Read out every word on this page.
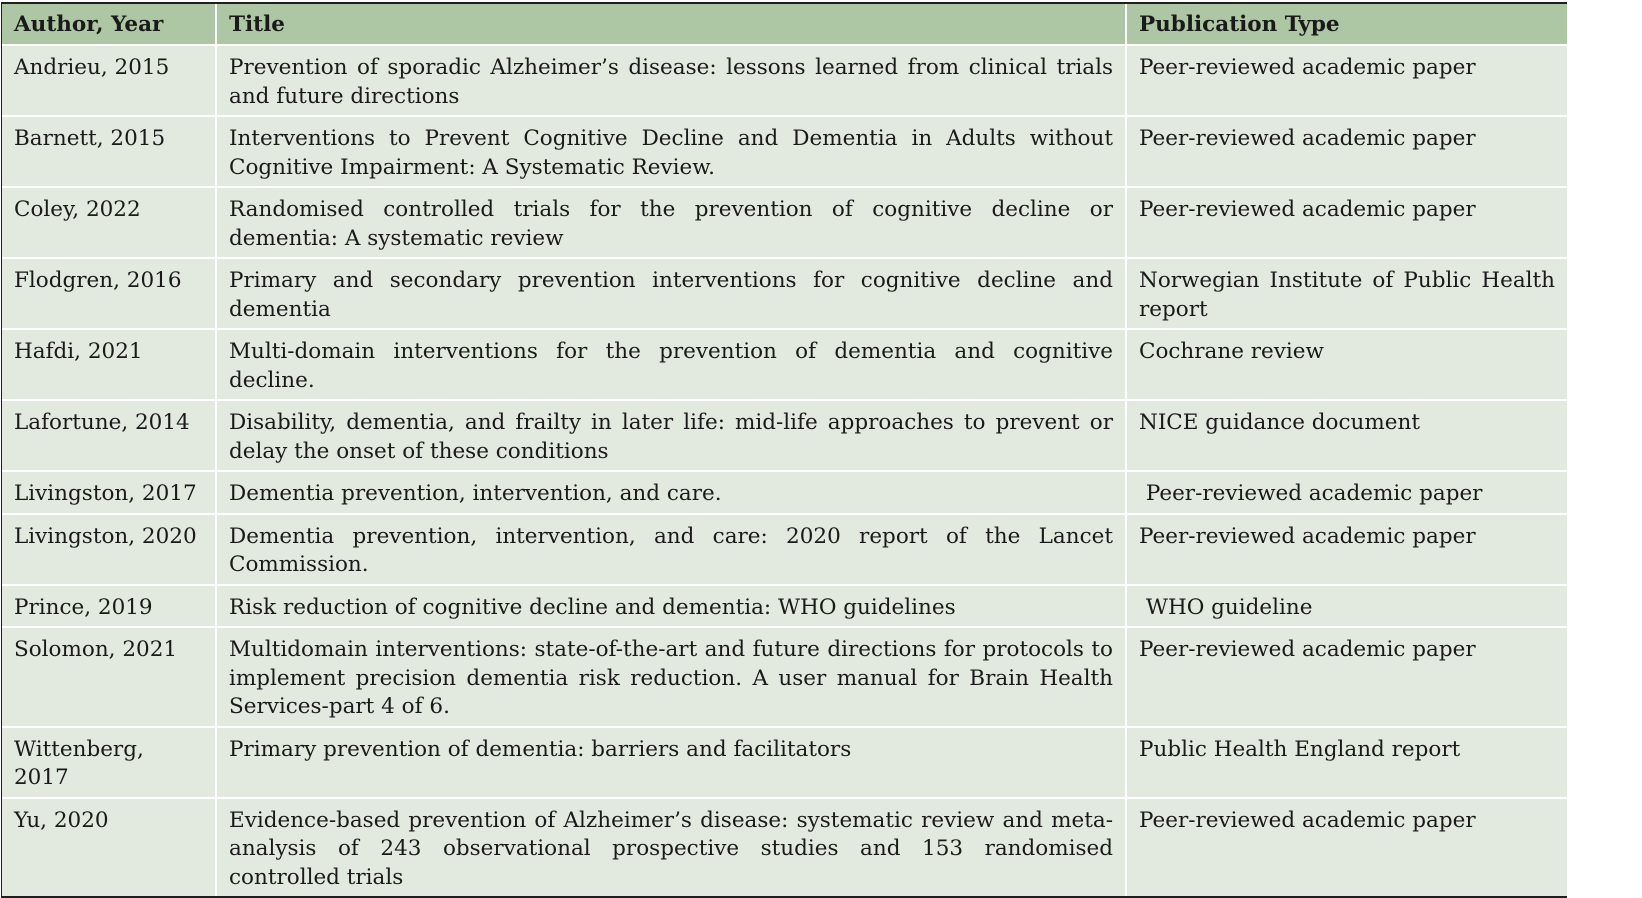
Author, Year	Title	Publication Type
Andrieu, 2015	Prevention of sporadic Alzheimer’s disease: lessons learned from clinical trials and future directions	Peer-reviewed academic paper
Barnett, 2015	Interventions to Prevent Cognitive Decline and Dementia in Adults without Cognitive Impairment: A Systematic Review.	Peer-reviewed academic paper
Coley, 2022	Randomised controlled trials for the prevention of cognitive decline or dementia: A systematic review	Peer-reviewed academic paper
Flodgren, 2016	Primary and secondary prevention interventions for cognitive decline and dementia	Norwegian Institute of Public Health report
Hafdi, 2021	Multi-domain interventions for the prevention of dementia and cognitive decline.	Cochrane review
Lafortune, 2014	Disability, dementia, and frailty in later life: mid-life approaches to prevent or delay the onset of these conditions	NICE guidance document
Livingston, 2017	Dementia prevention, intervention, and care.	Peer-reviewed academic paper
Livingston, 2020	Dementia prevention, intervention, and care: 2020 report of the Lancet Commission.	Peer-reviewed academic paper
Prince, 2019	Risk reduction of cognitive decline and dementia: WHO guidelines	WHO guideline
Solomon, 2021	Multidomain interventions: state-of-the-art and future directions for protocols to implement precision dementia risk reduction. A user manual for Brain Health Services-part 4 of 6.	Peer-reviewed academic paper
Wittenberg, 2017	Primary prevention of dementia: barriers and facilitators	Public Health England report
Yu, 2020	Evidence-based prevention of Alzheimer’s disease: systematic review and meta-analysis of 243 observational prospective studies and 153 randomised controlled trials	Peer-reviewed academic paper
